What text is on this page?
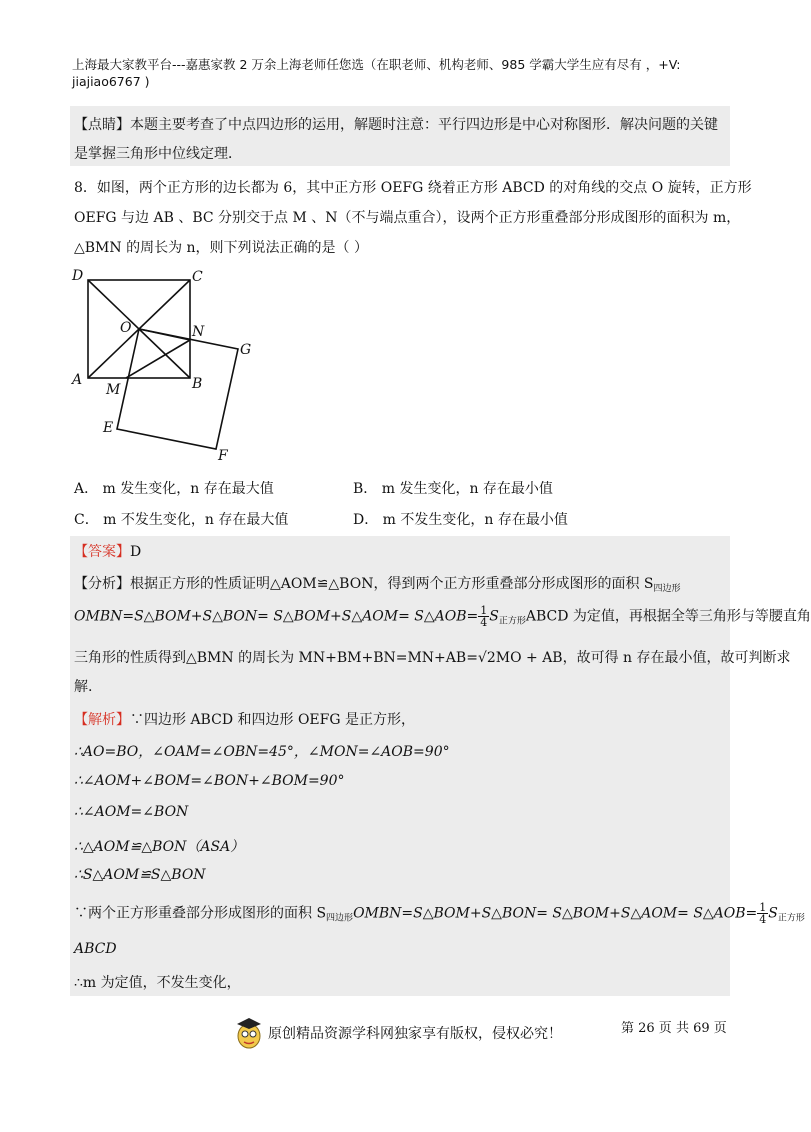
上海最大家教平台---嘉惠家教 2 万余上海老师任您选（在职老师、机构老师、985 学霸大学生应有尽有 ，+V:
jiajiao6767 )
【点睛】本题主要考查了中点四边形的运用，解题时注意：平行四边形是中心对称图形．解决问题的关键
是掌握三角形中位线定理．
8．如图，两个正方形的边长都为 6，其中正方形 OEFG 绕着正方形 ABCD 的对角线的交点 O 旋转，正方形
OEFG 与边 AB 、BC 分别交于点 M 、N（不与端点重合），设两个正方形重叠部分形成图形的面积为 m，
△BMN 的周长为 n，则下列说法正确的是（ ）
D	C
O	N
G
A
M	B
E
F
A． m 发生变化，n 存在最大值	B． m 发生变化，n 存在最小值
C． m 不发生变化，n 存在最大值	D． m 不发生变化，n 存在最小值
【答案】D
【分析】根据正方形的性质证明△AOM≌△BON，得到两个正方形重叠部分形成图形的面积 $S_{四边形}$
OMBN=S△BOM+S△BON= S△BOM+S△AOM= S△AOB= $\frac{1}{4}S_{正方形}ABCD$ 为定值，再根据全等三角形与等腰直角
三角形的性质得到△BMN 的周长为 MN+BM+BN=MN+AB=√2MO + AB，故可得 n 存在最小值，故可判断求
解.
【解析】∵四边形 ABCD 和四边形 OEFG 是正方形，
∴AO=BO，∠OAM=∠OBN=45°，∠MON=∠AOB=90°
∴∠AOM+∠BOM=∠BON+∠BOM=90°
∴∠AOM=∠BON
∴△AOM≌△BON（ASA）
∴S△AOM≌S△BON
∵两个正方形重叠部分形成图形的面积 $S_{四边形}OMBN=S\triangle BOM+S\triangle BON=$ S△BOM+S△AOM= S△AOB= $\frac{1}{4}S_{正方形}$
ABCD
∴m 为定值，不发生变化，
第 26 页 共 69 页
原创精品资源学科网独家享有版权，侵权必究！
